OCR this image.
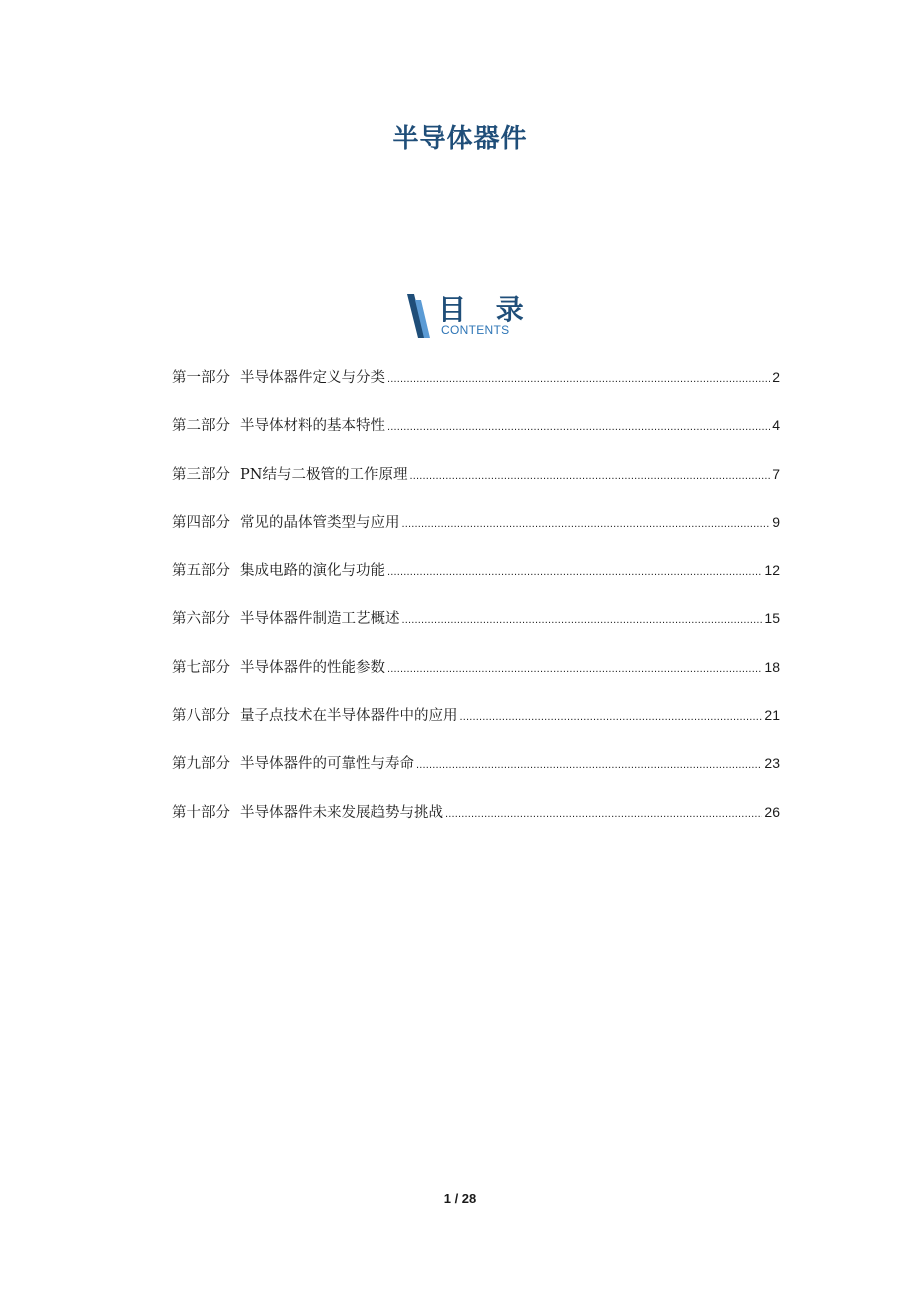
半导体器件
目 录
CONTENTS
第一部分 半导体器件定义与分类 .....	2
第二部分 半导体材料的基本特性 .....	4
第三部分 PN结与二极管的工作原理 .....	7
第四部分 常见的晶体管类型与应用 .....	9
第五部分 集成电路的演化与功能 .....	12
第六部分 半导体器件制造工艺概述 .....	15
第七部分 半导体器件的性能参数 .....	18
第八部分 量子点技术在半导体器件中的应用 .....	21
第九部分 半导体器件的可靠性与寿命 .....	23
第十部分 半导体器件未来发展趋势与挑战 .....	26
1 / 28
